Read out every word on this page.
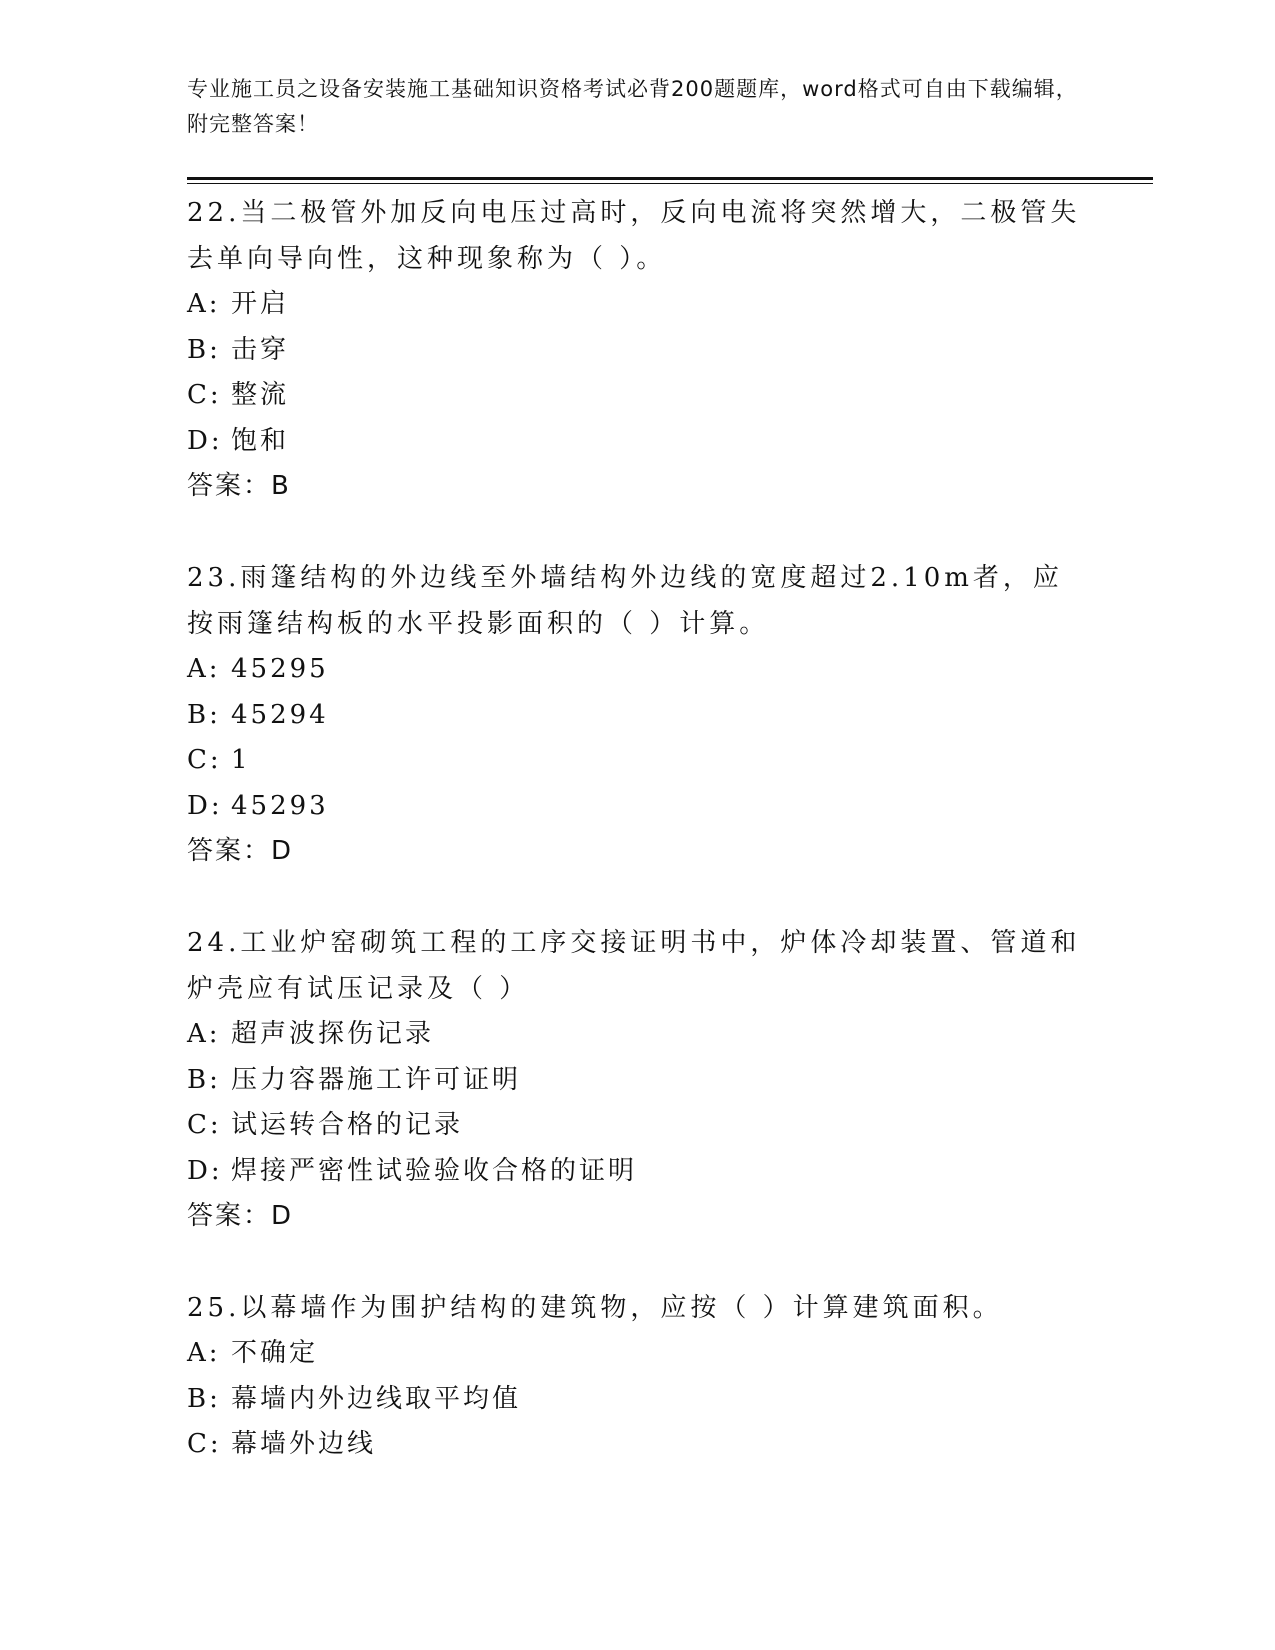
专业施工员之设备安装施工基础知识资格考试必背200题题库，word格式可自由下载编辑，附完整答案！

22.当二极管外加反向电压过高时，反向电流将突然增大，二极管失去单向导向性，这种现象称为（ ）。

A: 开启

B: 击穿

C: 整流

D: 饱和

答案：B

23.雨篷结构的外边线至外墙结构外边线的宽度超过2.10m者，应按雨篷结构板的水平投影面积的（ ）计算。

A: 45295

B: 45294

C: 1

D: 45293

答案：D

24.工业炉窑砌筑工程的工序交接证明书中，炉体冷却装置、管道和炉壳应有试压记录及（ ）

A: 超声波探伤记录

B: 压力容器施工许可证明

C: 试运转合格的记录

D: 焊接严密性试验验收合格的证明

答案：D

25.以幕墙作为围护结构的建筑物，应按（ ）计算建筑面积。

A: 不确定

B: 幕墙内外边线取平均值

C: 幕墙外边线
